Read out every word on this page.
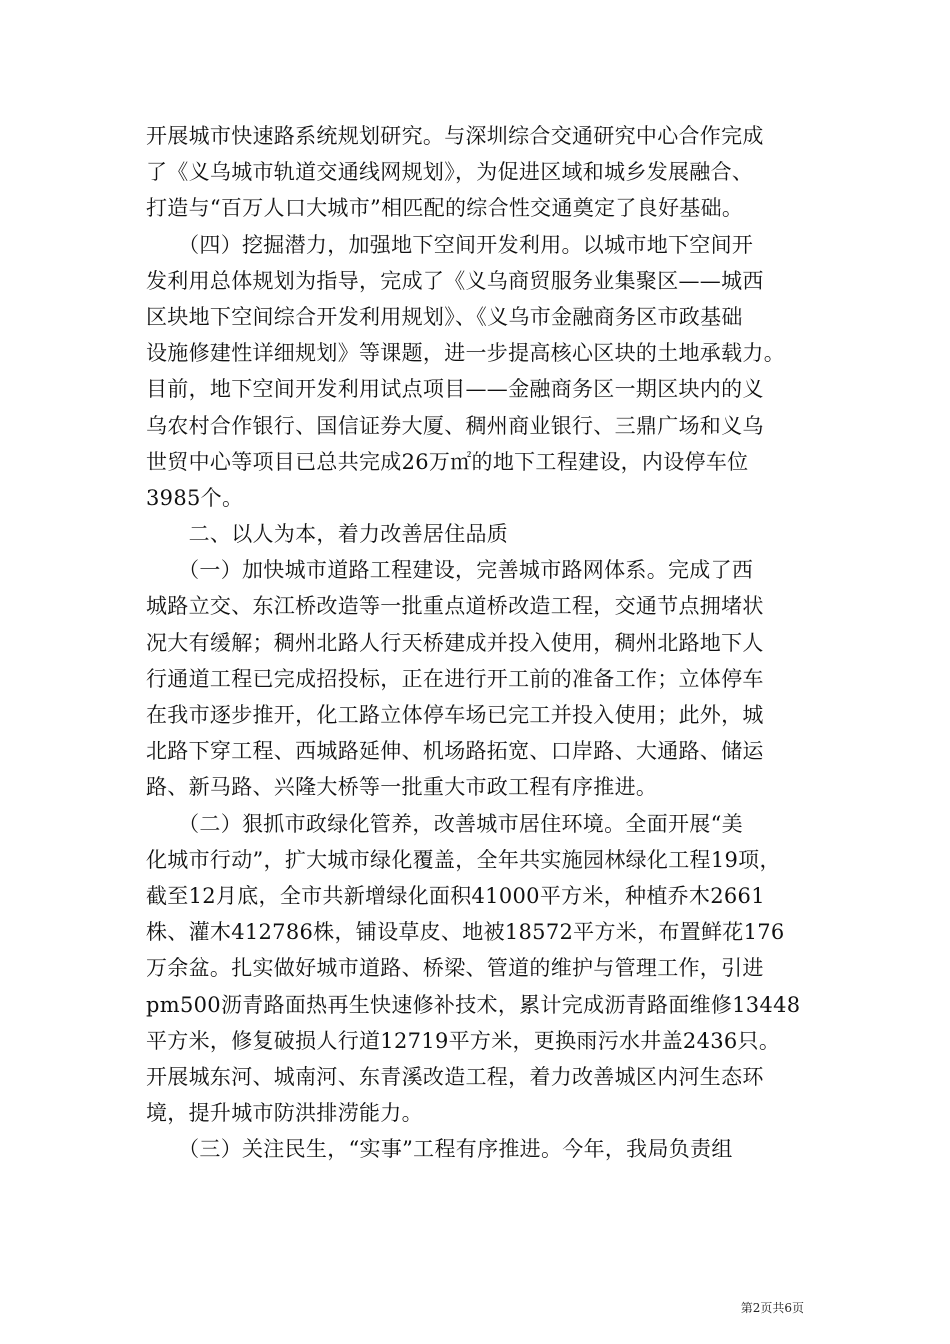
开展城市快速路系统规划研究。与深圳综合交通研究中心合作完成
了《义乌城市轨道交通线网规划》，为促进区域和城乡发展融合、
打造与“百万人口大城市”相匹配的综合性交通奠定了良好基础。
　　（四）挖掘潜力，加强地下空间开发利用。以城市地下空间开
发利用总体规划为指导，完成了《义乌商贸服务业集聚区——城西
区块地下空间综合开发利用规划》、《义乌市金融商务区市政基础
设施修建性详细规划》等课题，进一步提高核心区块的土地承载力。
目前，地下空间开发利用试点项目——金融商务区一期区块内的义
乌农村合作银行、国信证券大厦、稠州商业银行、三鼎广场和义乌
世贸中心等项目已总共完成26万㎡的地下工程建设，内设停车位
3985个。
　　二、以人为本，着力改善居住品质
　　（一）加快城市道路工程建设，完善城市路网体系。完成了西
城路立交、东江桥改造等一批重点道桥改造工程，交通节点拥堵状
况大有缓解；稠州北路人行天桥建成并投入使用，稠州北路地下人
行通道工程已完成招投标，正在进行开工前的准备工作；立体停车
在我市逐步推开，化工路立体停车场已完工并投入使用；此外，城
北路下穿工程、西城路延伸、机场路拓宽、口岸路、大通路、储运
路、新马路、兴隆大桥等一批重大市政工程有序推进。
　　（二）狠抓市政绿化管养，改善城市居住环境。全面开展“美
化城市行动”，扩大城市绿化覆盖，全年共实施园林绿化工程19项，
截至12月底，全市共新增绿化面积41000平方米，种植乔木2661
株、灌木412786株，铺设草皮、地被18572平方米，布置鲜花176
万余盆。扎实做好城市道路、桥梁、管道的维护与管理工作，引进
pm500沥青路面热再生快速修补技术，累计完成沥青路面维修13448
平方米，修复破损人行道12719平方米，更换雨污水井盖2436只。
开展城东河、城南河、东青溪改造工程，着力改善城区内河生态环
境，提升城市防洪排涝能力。
　　（三）关注民生，“实事”工程有序推进。今年，我局负责组
第2页共6页
